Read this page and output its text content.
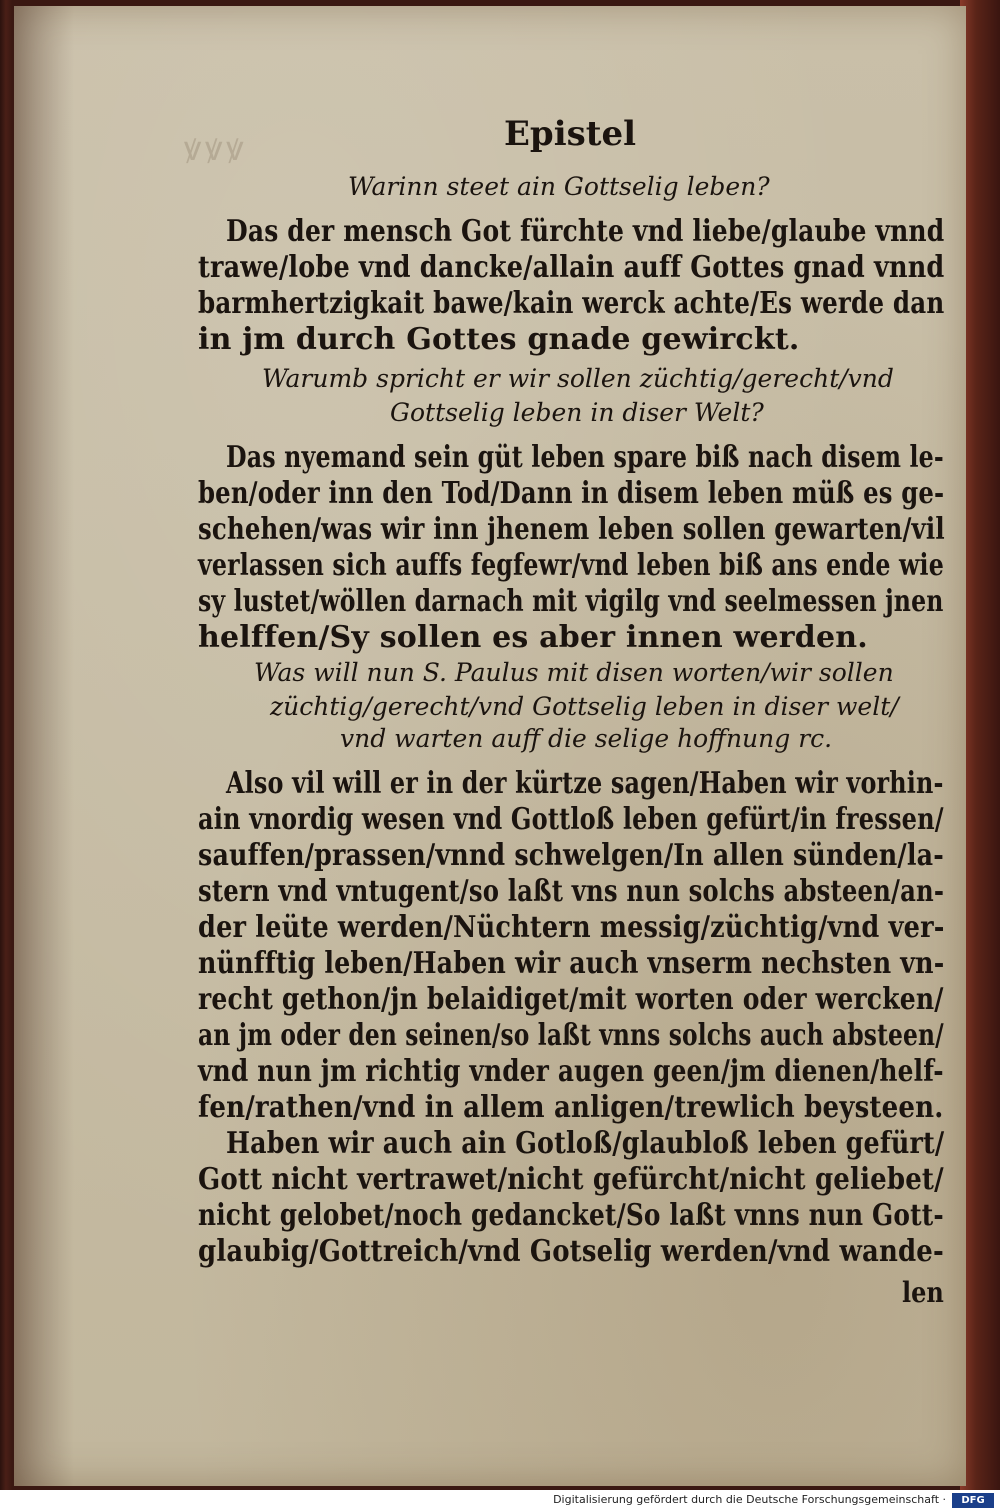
ꝟꝟꝟ	Epistel
Warinn steet ain Gottselig leben?
Das der mensch Got fürchte vnd liebe/glaube vnnd
trawe/lobe vnd dancke/allain auff Gottes gnad vnnd
barmhertzigkait bawe/kain werck achte/Es werde dan
in jm durch Gottes gnade gewirckt.
Warumb spricht er wir sollen züchtig/gerecht/vnd
Gottselig leben in diser Welt?
Das nyemand sein güt leben spare biß nach disem le-
ben/oder inn den Tod/Dann in disem leben müß es ge-
schehen/was wir inn jhenem leben sollen gewarten/vil
verlassen sich auffs fegfewr/vnd leben biß ans ende wie
sy lustet/wöllen darnach mit vigilg vnd seelmessen jnen
helffen/Sy sollen es aber innen werden.
Was will nun S. Paulus mit disen worten/wir sollen
züchtig/gerecht/vnd Gottselig leben in diser welt/
vnd warten auff die selige hoffnung rc.
Also vil will er in der kürtze sagen/Haben wir vorhin-
ain vnordig wesen vnd Gottloß leben gefürt/in fressen/
sauffen/prassen/vnnd schwelgen/In allen sünden/la-
stern vnd vntugent/so laßt vns nun solchs absteen/an-
der leüte werden/Nüchtern messig/züchtig/vnd ver-
nünfftig leben/Haben wir auch vnserm nechsten vn-
recht gethon/jn belaidiget/mit worten oder wercken/
an jm oder den seinen/so laßt vnns solchs auch absteen/
vnd nun jm richtig vnder augen geen/jm dienen/helf-
fen/rathen/vnd in allem anligen/trewlich beysteen.
Haben wir auch ain Gotloß/glaubloß leben gefürt/
Gott nicht vertrawet/nicht gefürcht/nicht geliebet/
nicht gelobet/noch gedancket/So laßt vnns nun Gott-
glaubig/Gottreich/vnd Gotselig werden/vnd wande-
len
Digitalisierung gefördert durch die Deutsche Forschungsgemeinschaft ·	DFG
